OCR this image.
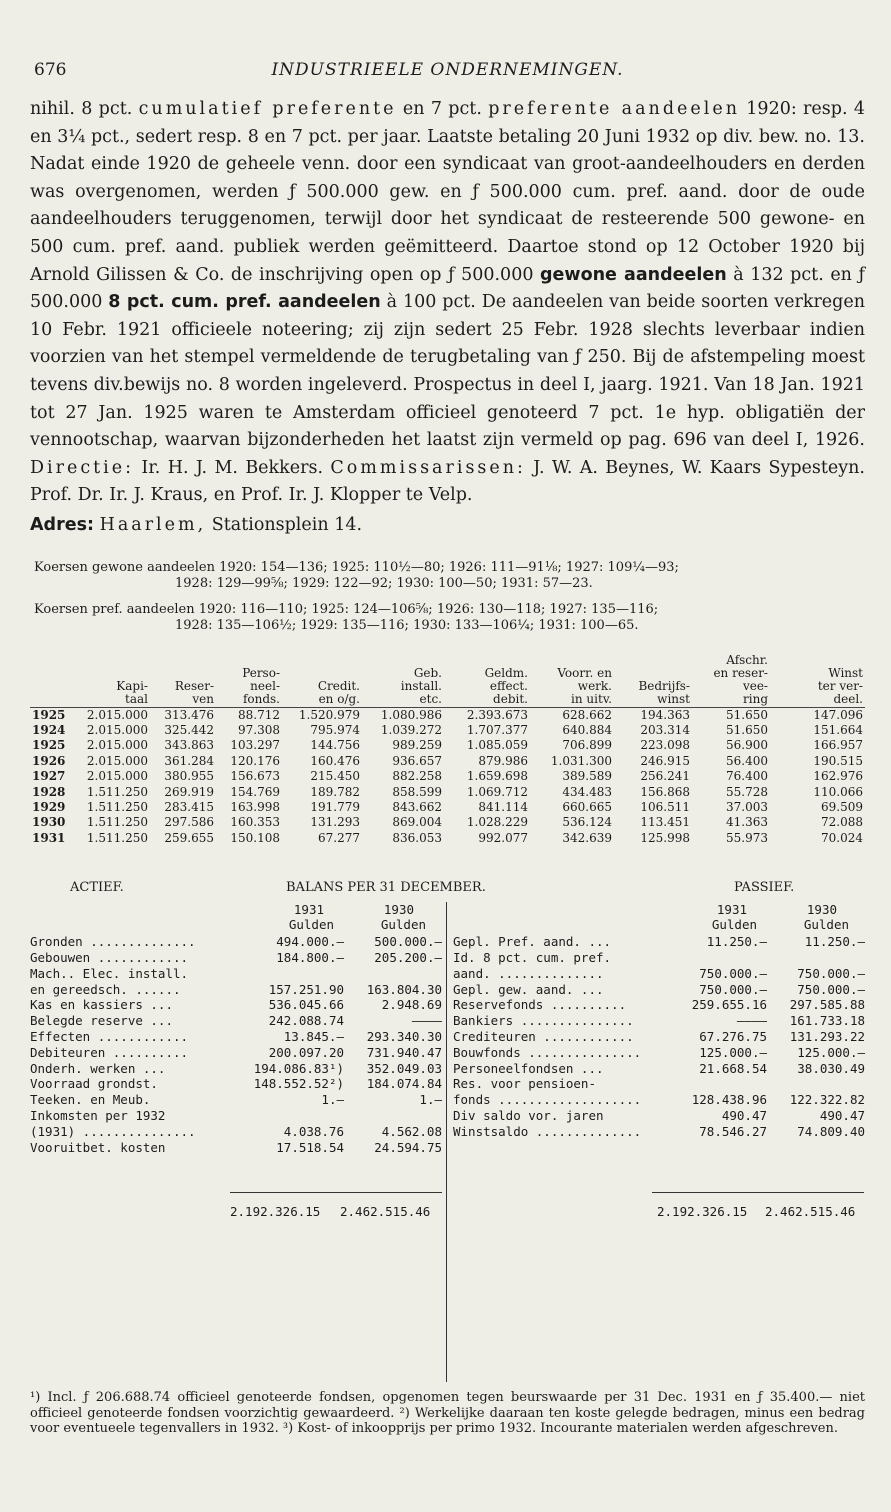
676	INDUSTRIEELE ONDERNEMINGEN.

nihil. 8 pct. cumulatief preferente en 7 pct. preferente aandeelen 1920: resp. 4 en 3¼ pct., sedert resp. 8 en 7 pct. per jaar. Laatste betaling 20 Juni 1932 op div. bew. no. 13. Nadat einde 1920 de geheele venn. door een syndicaat van groot-aandeelhouders en derden was overgenomen, werden ƒ 500.000 gew. en ƒ 500.000 cum. pref. aand. door de oude aandeelhouders teruggenomen, terwijl door het syndicaat de resteerende 500 gewone- en 500 cum. pref. aand. publiek werden geëmitteerd. Daartoe stond op 12 October 1920 bij Arnold Gilissen & Co. de inschrijving open op ƒ 500.000 gewone aandeelen à 132 pct. en ƒ 500.000 8 pct. cum. pref. aandeelen à 100 pct. De aandeelen van beide soorten verkregen 10 Febr. 1921 officieele noteering; zij zijn sedert 25 Febr. 1928 slechts leverbaar indien voorzien van het stempel vermeldende de terugbetaling van ƒ 250. Bij de afstempeling moest tevens div.bewijs no. 8 worden ingeleverd. Prospectus in deel I, jaarg. 1921. Van 18 Jan. 1921 tot 27 Jan. 1925 waren te Amsterdam officieel genoteerd 7 pct. 1e hyp. obligatiën der vennootschap, waarvan bijzonderheden het laatst zijn vermeld op pag. 696 van deel I, 1926. Directie: Ir. H. J. M. Bekkers. Commissarissen: J. W. A. Beynes, W. Kaars Sypesteyn. Prof. Dr. Ir. J. Kraus, en Prof. Ir. J. Klopper te Velp.

Adres: Haarlem, Stationsplein 14.
Koersen gewone aandeelen 1920: 154—136; 1925: 110½—80; 1926: 111—91⅛; 1927: 109¼—93;
1928: 129—99⅝; 1929: 122—92; 1930: 100—50; 1931: 57—23.
Koersen pref. aandeelen 1920: 116—110; 1925: 124—106⅝; 1926: 130—118; 1927: 135—116;
1928: 135—106½; 1929: 135—116; 1930: 133—106¼; 1931: 100—65.
									Afschr.	
			Perso-		Geb.	Geldm.	Voorr. en		en reser-	Winst
	Kapi-	Reser-	neel-	Credit.	install.	effect.	werk.	Bedrijfs-	vee-	ter ver-
	taal	ven	fonds.	en o/g.	etc.	debit.	in uitv.	winst	ring	deel.
1925	2.015.000	313.476	88.712	1.520.979	1.080.986	2.393.673	628.662	194.363	51.650	147.096
1924	2.015.000	325.442	97.308	795.974	1.039.272	1.707.377	640.884	203.314	51.650	151.664
1925	2.015.000	343.863	103.297	144.756	989.259	1.085.059	706.899	223.098	56.900	166.957
1926	2.015.000	361.284	120.176	160.476	936.657	879.986	1.031.300	246.915	56.400	190.515
1927	2.015.000	380.955	156.673	215.450	882.258	1.659.698	389.589	256.241	76.400	162.976
1928	1.511.250	269.919	154.769	189.782	858.599	1.069.712	434.483	156.868	55.728	110.066
1929	1.511.250	283.415	163.998	191.779	843.662	841.114	660.665	106.511	37.003	69.509
1930	1.511.250	297.586	160.353	131.293	869.004	1.028.229	536.124	113.451	41.363	72.088
1931	1.511.250	259.655	150.108	67.277	836.053	992.077	342.639	125.998	55.973	70.024
ACTIEF.	BALANS PER 31 DECEMBER.	PASSIEF.
1931	1930
Gulden	Gulden
Gronden ..............	494.000.— 500.000.—
Gebouwen ............	184.800.— 205.200.—
Mach.. Elec. install.
en gereedsch. ......	157.251.90 163.804.30
Kas en kassiers ...	536.045.66	2.948.69
Belegde reserve ...	242.088.74	————
Effecten ............	13.845.— 293.340.30
Debiteuren ..........	200.097.20 731.940.47
Onderh. werken ...	194.086.83¹) 352.049.03
Voorraad grondst.	148.552.52²) 184.074.84
Teeken. en Meub.	1.—	1.—
Inkomsten per 1932
(1931) ...............	4.038.76	4.562.08
Vooruitbet. kosten	17.518.54 24.594.75
2.192.326.15 2.462.515.46
1931	1930
Gulden	Gulden
Gepl. Pref. aand. ...	11.250.—	11.250.—
Id. 8 pct. cum. pref.
aand. ..............	750.000.— 750.000.—
Gepl. gew. aand. ...	750.000.— 750.000.—
Reservefonds ..........	259.655.16 297.585.88
Bankiers ...............	———— 161.733.18
Crediteuren ............	67.276.75 131.293.22
Bouwfonds ...............	125.000.— 125.000.—
Personeelfondsen ...	21.668.54 38.030.49
Res. voor pensioen-
fonds ...................	128.438.96 122.322.82
Div saldo vor. jaren	490.47	490.47
Winstsaldo ..............	78.546.27 74.809.40
2.192.326.15 2.462.515.46

¹) Incl. ƒ 206.688.74 officieel genoteerde fondsen, opgenomen tegen beurswaarde per 31 Dec. 1931 en ƒ 35.400.— niet officieel genoteerde fondsen voorzichtig gewaardeerd. ²) Werkelijke daaraan ten koste gelegde bedragen, minus een bedrag voor eventueele tegenvallers in 1932. ³) Kost- of inkoopprijs per primo 1932. Incourante materialen werden afgeschreven.
